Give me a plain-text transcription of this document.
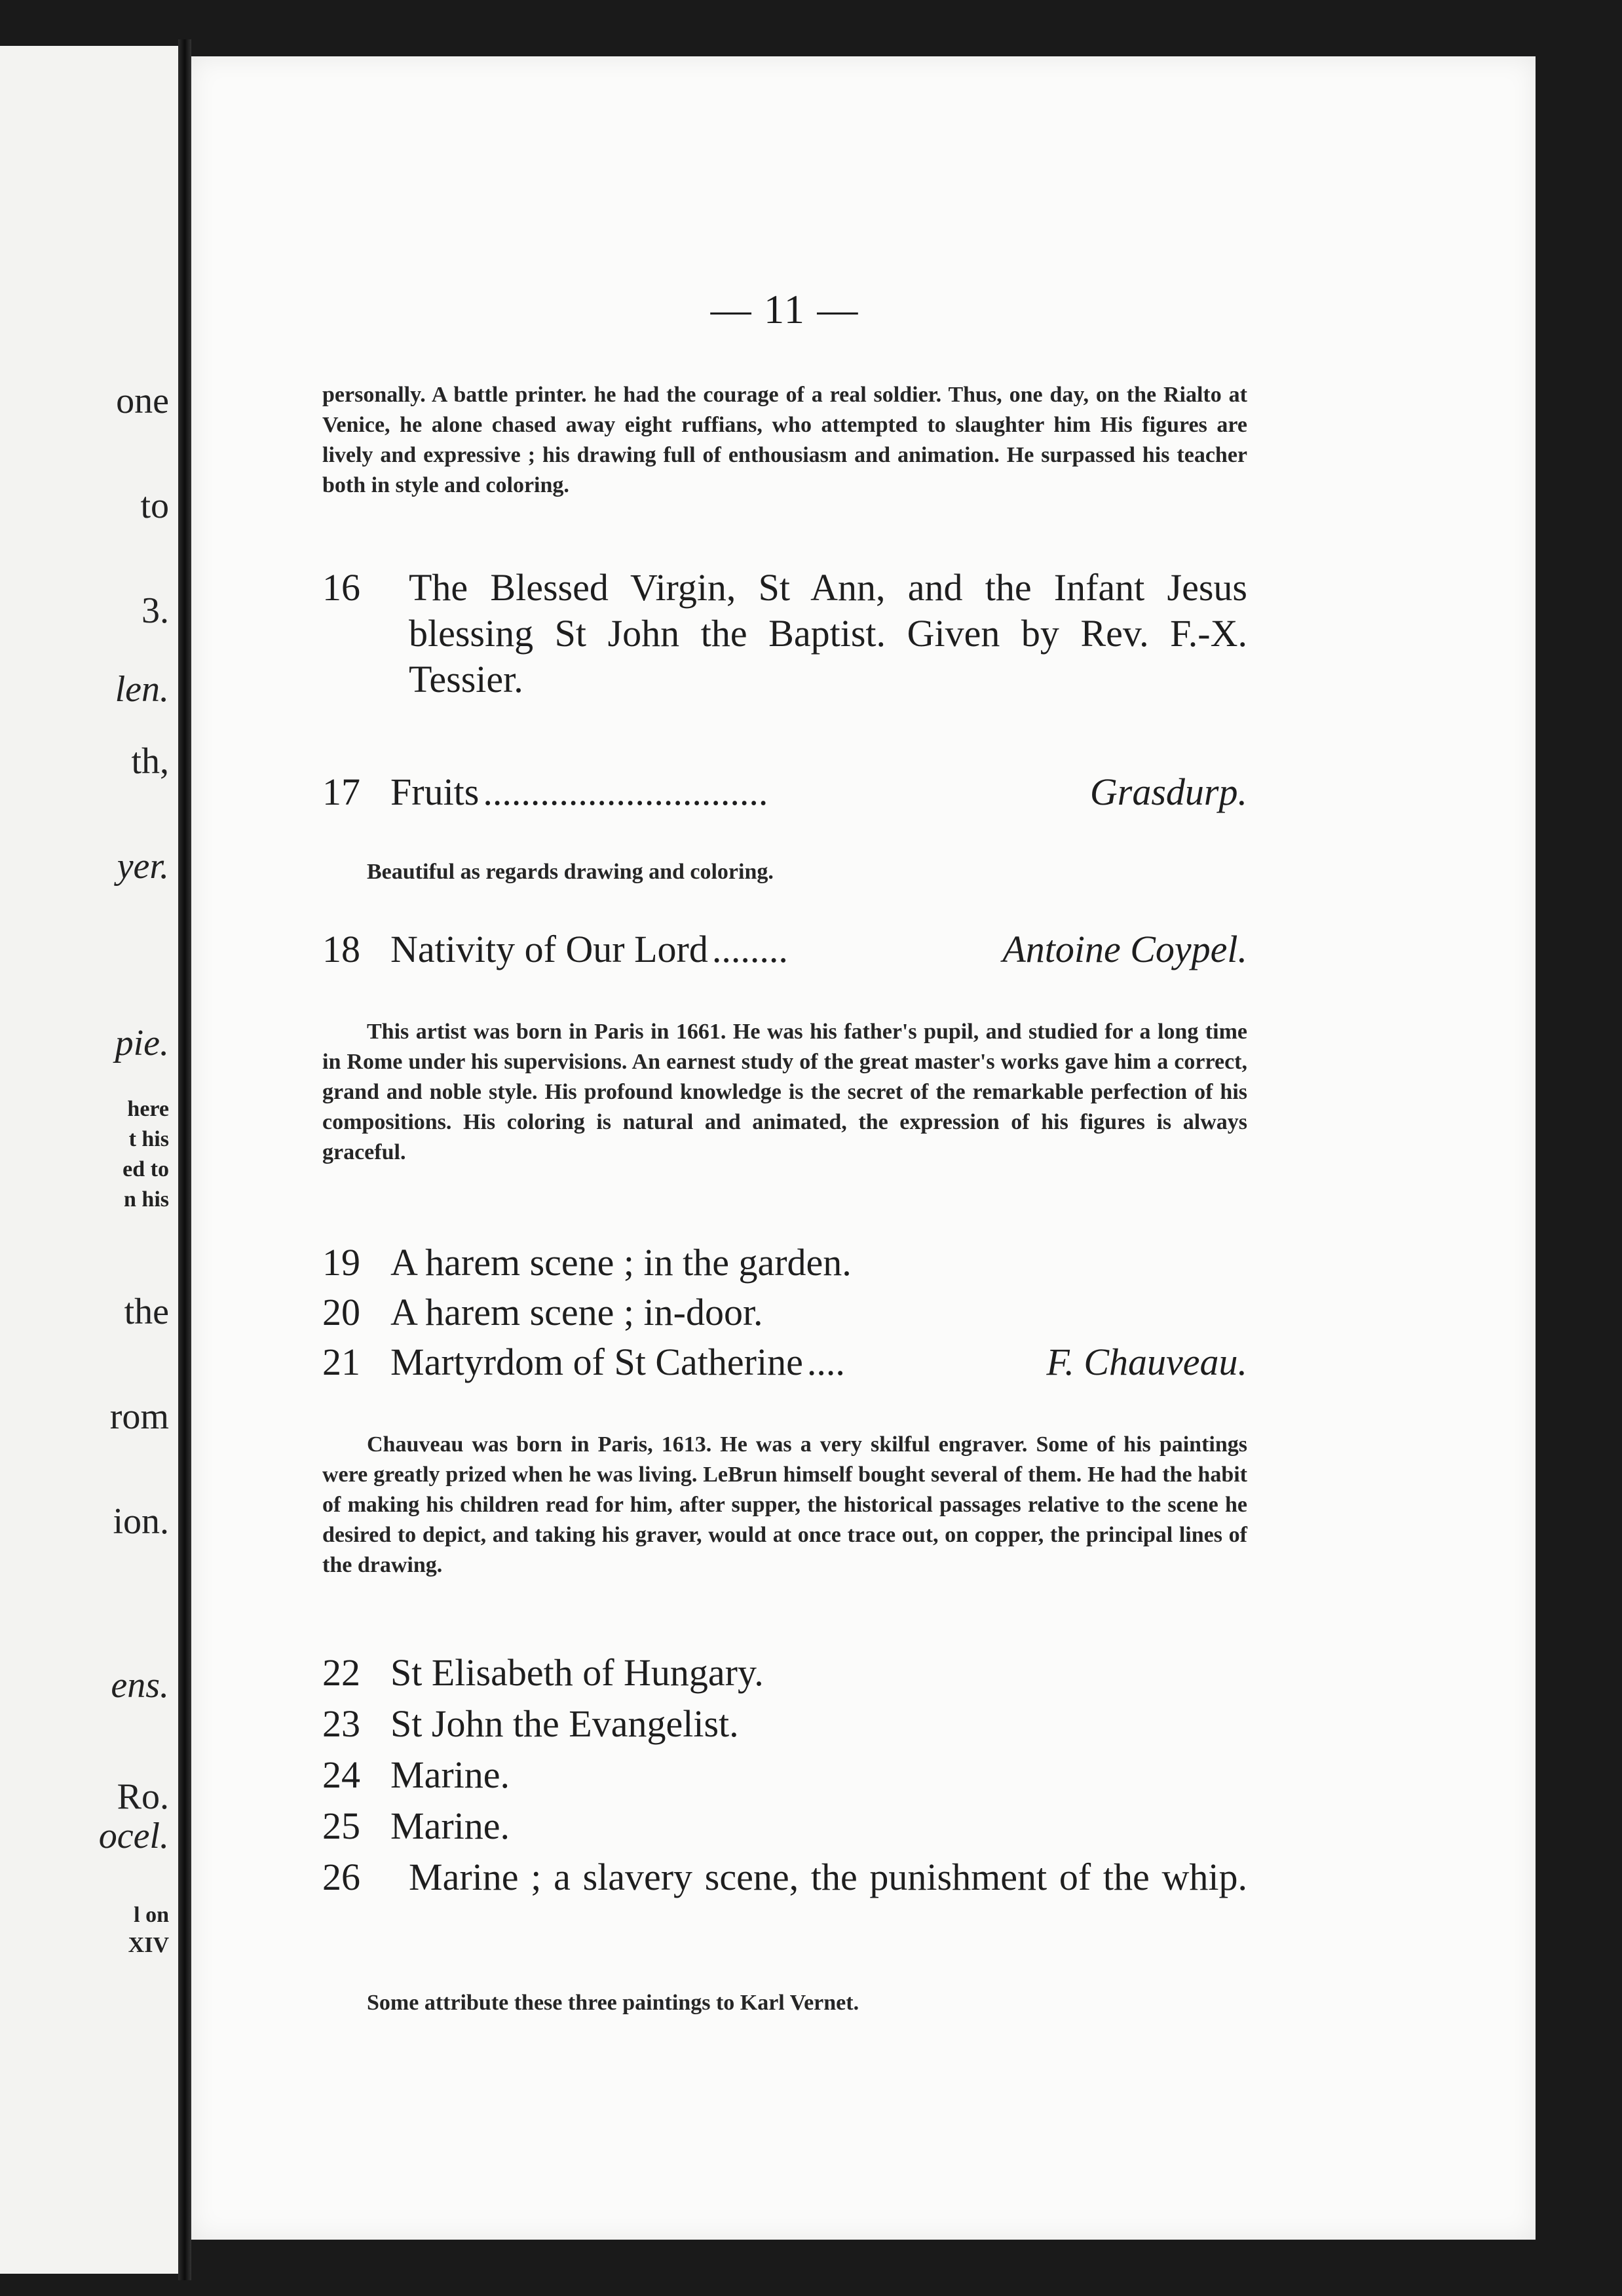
one
to
3.
len.
th,
yer.
pie.
here
t his
ed to
n his
the
rom
ion.
ens.
Ro.
ocel.
l on
XIV
— 11 —
personally. A battle printer. he had the courage of a real soldier. Thus, one day, on the Rialto at Venice, he alone chased away eight ruffians, who attempted to slaughter him His figures are lively and expressive ; his drawing full of enthousiasm and animation. He surpassed his teacher both in style and coloring.
16 The Blessed Virgin, St Ann, and the Infant Jesus blessing St John the Baptist. Given by Rev. F.-X. Tessier.
17 Fruits ..............................	Grasdurp.
Beautiful as regards drawing and coloring.
18 Nativity of Our Lord ........	Antoine Coypel.
This artist was born in Paris in 1661. He was his father's pupil, and studied for a long time in Rome under his supervisions. An earnest study of the great master's works gave him a correct, grand and noble style. His profound knowledge is the secret of the remarkable perfection of his compositions. His coloring is natural and animated, the expression of his figures is always graceful.
19 A harem scene ; in the garden.
20 A harem scene ; in-door.
21 Martyrdom of St Catherine ....	F. Chauveau.
Chauveau was born in Paris, 1613. He was a very skilful engraver. Some of his paintings were greatly prized when he was living. LeBrun himself bought several of them. He had the habit of making his children read for him, after supper, the historical passages relative to the scene he desired to depict, and taking his graver, would at once trace out, on copper, the principal lines of the drawing.
22 St Elisabeth of Hungary.
23 St John the Evangelist.
24 Marine.
25 Marine.
26 Marine ; a slavery scene, the punishment of the whip.
Some attribute these three paintings to Karl Vernet.
